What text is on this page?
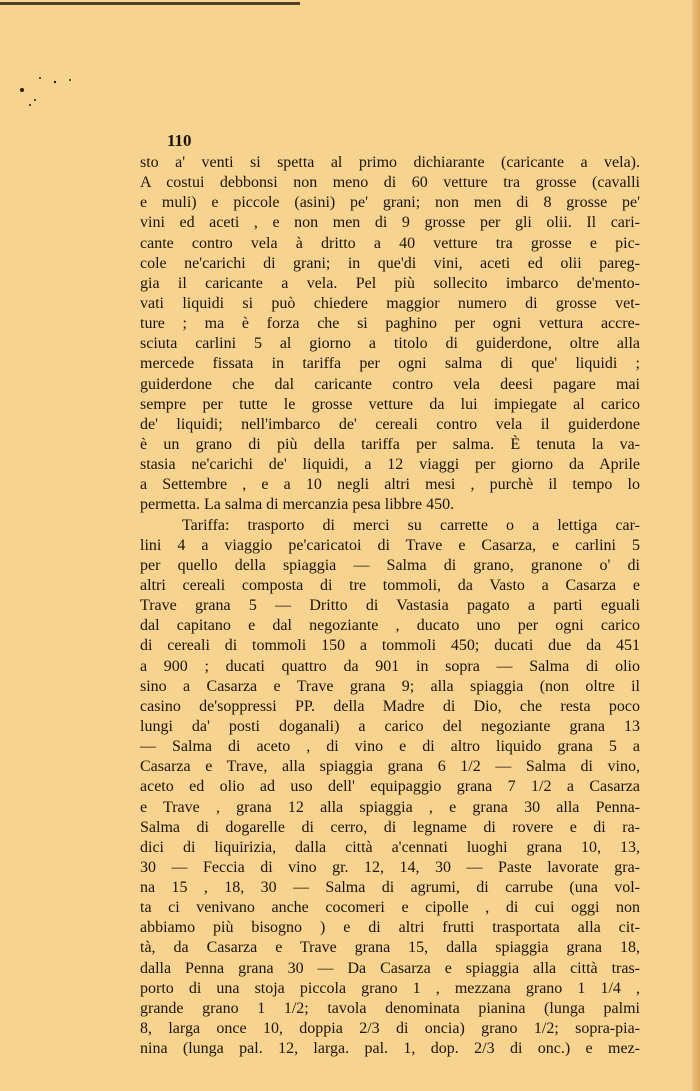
110
sto a' venti si spetta al primo dichiarante (caricante a vela).
A costui debbonsi non meno di 60 vetture tra grosse (cavalli
e muli) e piccole (asini) pe' grani; non men di 8 grosse pe'
vini ed aceti , e non men di 9 grosse per gli olii. Il cari-
cante contro vela à dritto a 40 vetture tra grosse e pic-
cole ne'carichi di grani; in que'di vini, aceti ed olii pareg-
gia il caricante a vela. Pel più sollecito imbarco de'mento-
vati liquidi si può chiedere maggior numero di grosse vet-
ture ; ma è forza che si paghino per ogni vettura accre-
sciuta carlini 5 al giorno a titolo di guiderdone, oltre alla
mercede fissata in tariffa per ogni salma di que' liquidi ;
guiderdone che dal caricante contro vela deesi pagare mai
sempre per tutte le grosse vetture da lui impiegate al carico
de' liquidi; nell'imbarco de' cereali contro vela il guiderdone
è un grano di più della tariffa per salma. È tenuta la va-
stasia ne'carichi de' liquidi, a 12 viaggi per giorno da Aprile
a Settembre , e a 10 negli altri mesi , purchè il tempo lo
permetta. La salma di mercanzia pesa libbre 450.
Tariffa: trasporto di merci su carrette o a lettiga car-
lini 4 a viaggio pe'caricatoi di Trave e Casarza, e carlini 5
per quello della spiaggia — Salma di grano, granone o' di
altri cereali composta di tre tommoli, da Vasto a Casarza e
Trave grana 5 — Dritto di Vastasia pagato a parti eguali
dal capitano e dal negoziante , ducato uno per ogni carico
di cereali di tommoli 150 a tommoli 450; ducati due da 451
a 900 ; ducati quattro da 901 in sopra — Salma di olio
sino a Casarza e Trave grana 9; alla spiaggia (non oltre il
casino de'soppressi PP. della Madre di Dio, che resta poco
lungi da' posti doganali) a carico del negoziante grana 13
— Salma di aceto , di vino e di altro liquido grana 5 a
Casarza e Trave, alla spiaggia grana 6 1/2 — Salma di vino,
aceto ed olio ad uso dell' equipaggio grana 7 1/2 a Casarza
e Trave , grana 12 alla spiaggia , e grana 30 alla Penna-
Salma di dogarelle di cerro, di legname di rovere e di ra-
dici di liquirizia, dalla città a'cennati luoghi grana 10, 13,
30 — Feccia di vino gr. 12, 14, 30 — Paste lavorate gra-
na 15 , 18, 30 — Salma di agrumi, di carrube (una vol-
ta ci venivano anche cocomeri e cipolle , di cui oggi non
abbiamo più bisogno ) e di altri frutti trasportata alla cit-
tà, da Casarza e Trave grana 15, dalla spiaggia grana 18,
dalla Penna grana 30 — Da Casarza e spiaggia alla città tras-
porto di una stoja piccola grano 1 , mezzana grano 1 1/4 ,
grande grano 1 1/2; tavola denominata pianina (lunga palmi
8, larga once 10, doppia 2/3 di oncia) grano 1/2; sopra-pia-
nina (lunga pal. 12, larga. pal. 1, dop. 2/3 di onc.) e mez-
